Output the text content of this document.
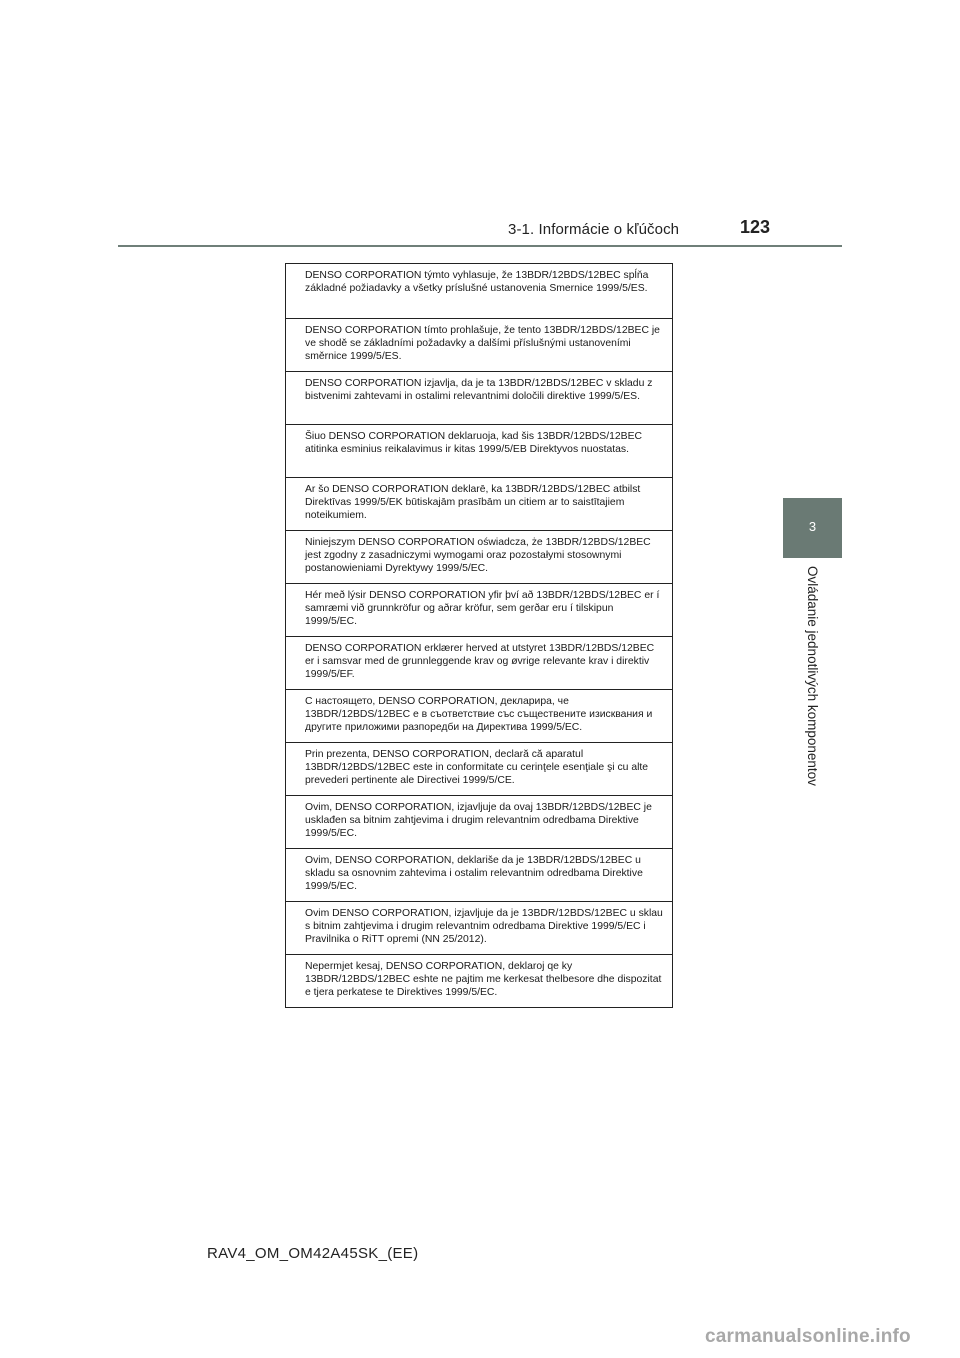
3-1. Informácie o kľúčoch	123
3
Ovládanie jednotlivých komponentov
DENSO CORPORATION týmto vyhlasuje, že 13BDR/12BDS/12BEC spĺňa základné požiadavky a všetky príslušné ustanovenia Smernice 1999/5/ES.
DENSO CORPORATION tímto prohlašuje, že tento 13BDR/12BDS/12BEC je ve shodě se základními požadavky a dalšími příslušnými ustanoveními směrnice 1999/5/ES.
DENSO CORPORATION izjavlja, da je ta 13BDR/12BDS/12BEC v skladu z bistvenimi zahtevami in ostalimi relevantnimi določili direktive 1999/5/ES.
Šiuo DENSO CORPORATION deklaruoja, kad šis 13BDR/12BDS/12BEC atitinka esminius reikalavimus ir kitas 1999/5/EB Direktyvos nuostatas.
Ar šo DENSO CORPORATION deklarē, ka 13BDR/12BDS/12BEC atbilst Direktīvas 1999/5/EK būtiskajām prasībām un citiem ar to saistītajiem noteikumiem.
Niniejszym DENSO CORPORATION oświadcza, że 13BDR/12BDS/12BEC jest zgodny z zasadniczymi wymogami oraz pozostałymi stosownymi postanowieniami Dyrektywy 1999/5/EC.
Hér með lýsir DENSO CORPORATION yfir því að 13BDR/12BDS/12BEC er í samræmi við grunnkröfur og aðrar kröfur, sem gerðar eru í tilskipun 1999/5/EC.
DENSO CORPORATION erklærer herved at utstyret 13BDR/12BDS/12BEC er i samsvar med de grunnleggende krav og øvrige relevante krav i direktiv 1999/5/EF.
С настоящето, DENSO CORPORATION, декларира, че 13BDR/12BDS/12BEC е в съответствие със съществените изисквания и другите приложими разпоредби на Директива 1999/5/EC.
Prin prezenta, DENSO CORPORATION, declară că aparatul 13BDR/12BDS/12BEC este in conformitate cu cerinţele esenţiale şi cu alte prevederi pertinente ale Directivei 1999/5/CE.
Ovim, DENSO CORPORATION, izjavljuje da ovaj 13BDR/12BDS/12BEC je usklađen sa bitnim zahtjevima i drugim relevantnim odredbama Direktive 1999/5/EC.
Ovim, DENSO CORPORATION, deklariše da je 13BDR/12BDS/12BEC u skladu sa osnovnim zahtevima i ostalim relevantnim odredbama Direktive 1999/5/EC.
Ovim DENSO CORPORATION, izjavljuje da je 13BDR/12BDS/12BEC u sklau s bitnim zahtjevima i drugim relevantnim odredbama Direktive 1999/5/EC i Pravilnika o RiTT opremi (NN 25/2012).
Nepermjet kesaj, DENSO CORPORATION, deklaroj qe ky 13BDR/12BDS/12BEC eshte ne pajtim me kerkesat thelbesore dhe dispozitat e tjera perkatese te Direktives 1999/5/EC.
RAV4_OM_OM42A45SK_(EE)
carmanualsonline.info
